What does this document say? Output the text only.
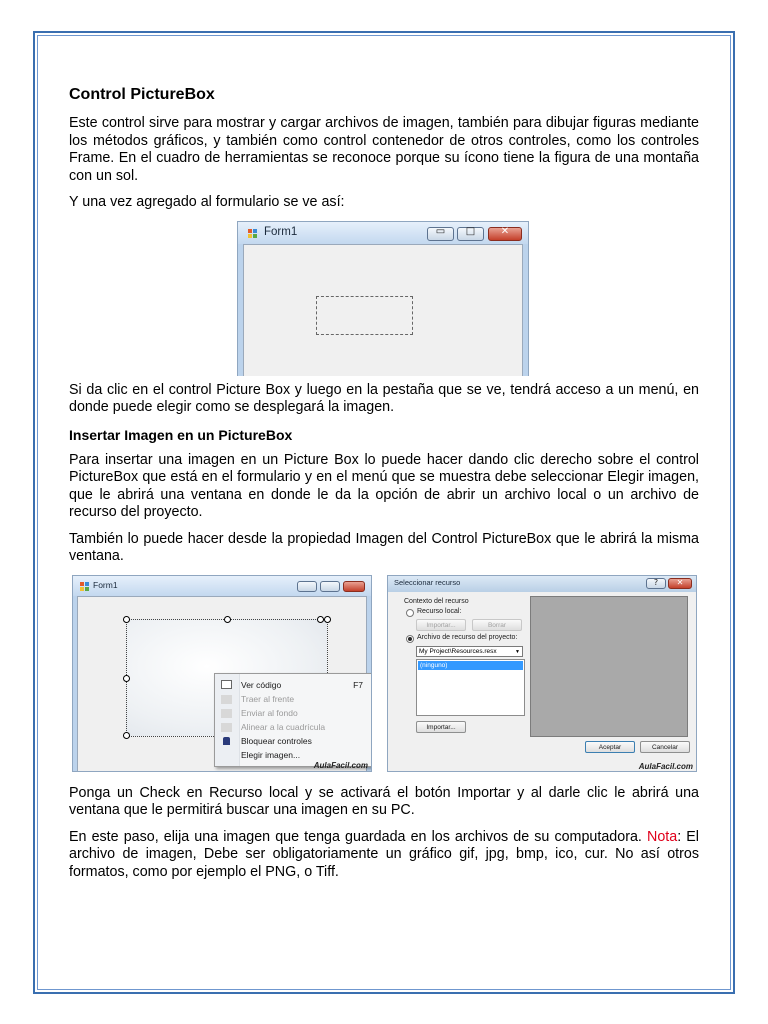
Control PictureBox

Este control sirve para mostrar y cargar archivos de imagen, también para dibujar figuras mediante los métodos gráficos, y también como control contenedor de otros controles, como los controles Frame. En el cuadro de herramientas se reconoce porque su ícono tiene la figura de una montaña con un sol.

Y una vez agregado al formulario se ve así:

Form1	▭	□	✕

Si da clic en el control Picture Box y luego en la pestaña que se ve, tendrá acceso a un menú, en donde puede elegir como se desplegará la imagen.

Insertar Imagen en un PictureBox

Para insertar una imagen en un Picture Box lo puede hacer dando clic derecho sobre el control PictureBox que está en el formulario y en el menú que se muestra debe seleccionar Elegir imagen, que le abrirá una ventana en donde le da la opción de abrir un archivo local o un archivo de recurso del proyecto.

También lo puede hacer desde la propiedad Imagen del Control PictureBox que le abrirá la misma ventana.

Form1
Ver código	F7
Traer al frente
Enviar al fondo
Alinear a la cuadrícula
Bloquear controles
Elegir imagen...
AulaFacil.com
Seleccionar recurso	?	✕
Contexto del recurso
Recurso local:
Importar...	Borrar
Archivo de recurso del proyecto:
My Project\Resources.resx	▼
(ninguno)
Importar...
Aceptar	Cancelar
AulaFacil.com

Ponga un Check en Recurso local y se activará el botón Importar y al darle clic le abrirá una ventana que le permitirá buscar una imagen en su PC.

En este paso, elija una imagen que tenga guardada en los archivos de su computadora. Nota: El archivo de imagen, Debe ser obligatoriamente un gráfico gif, jpg, bmp, ico, cur. No así otros formatos, como por ejemplo el PNG, o Tiff.
